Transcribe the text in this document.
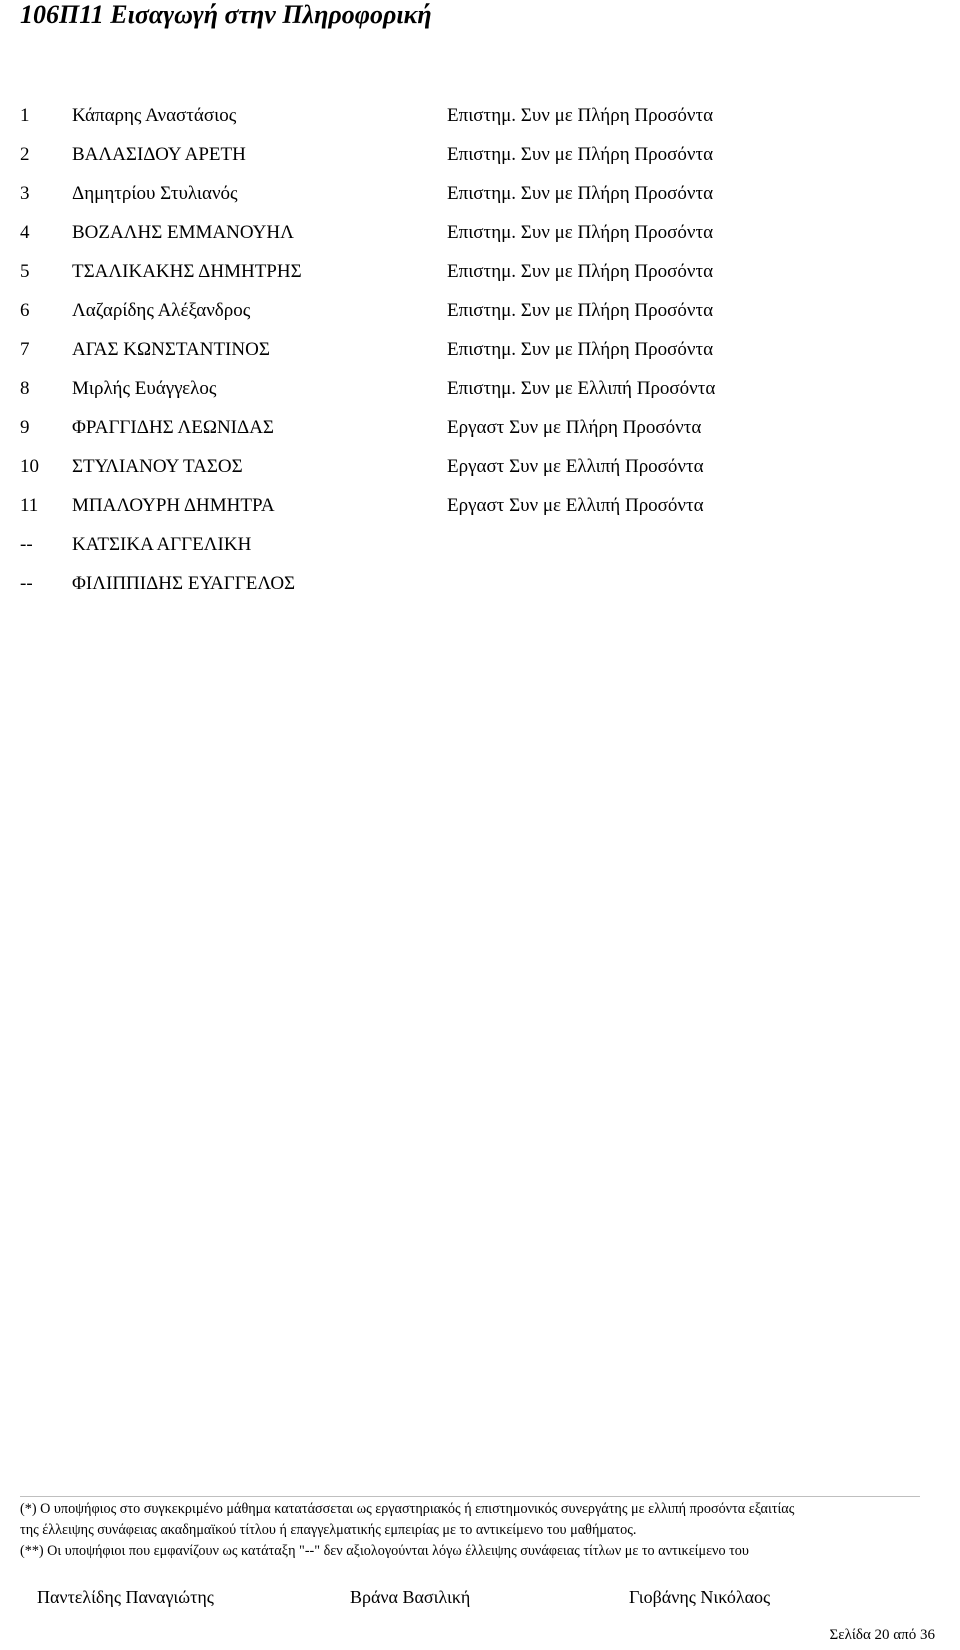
106Π11 Εισαγωγή στην Πληροφορική
1 Κάπαρης Αναστάσιος	Επιστημ. Συν με Πλήρη Προσόντα
2 ΒΑΛΑΣΙΔΟΥ ΑΡΕΤΗ	Επιστημ. Συν με Πλήρη Προσόντα
3 Δημητρίου Στυλιανός	Επιστημ. Συν με Πλήρη Προσόντα
4 ΒΟΖΑΛΗΣ ΕΜΜΑΝΟΥΗΛ	Επιστημ. Συν με Πλήρη Προσόντα
5 ΤΣΑΛΙΚΑΚΗΣ ΔΗΜΗΤΡΗΣ	Επιστημ. Συν με Πλήρη Προσόντα
6 Λαζαρίδης Αλέξανδρος	Επιστημ. Συν με Πλήρη Προσόντα
7 ΑΓΑΣ ΚΩΝΣΤΑΝΤΙΝΟΣ	Επιστημ. Συν με Πλήρη Προσόντα
8 Μιρλής Ευάγγελος	Επιστημ. Συν με Ελλιπή Προσόντα
9 ΦΡΑΓΓΙΔΗΣ ΛΕΩΝΙΔΑΣ	Εργαστ Συν με Πλήρη Προσόντα
10 ΣΤΥΛΙΑΝΟΥ ΤΑΣΟΣ	Εργαστ Συν με Ελλιπή Προσόντα
11 ΜΠΑΛΟΥΡΗ ΔΗΜΗΤΡΑ	Εργαστ Συν με Ελλιπή Προσόντα
-- ΚΑΤΣΙΚΑ ΑΓΓΕΛΙΚΗ
-- ΦΙΛΙΠΠΙΔΗΣ ΕΥΑΓΓΕΛΟΣ

(*) Ο υποψήφιος στο συγκεκριμένο μάθημα κατατάσσεται ως εργαστηριακός ή επιστημονικός συνεργάτης με ελλιπή προσόντα εξαιτίας

της έλλειψης συνάφειας ακαδημαϊκού τίτλου ή επαγγελματικής εμπειρίας με το αντικείμενο του μαθήματος.

(**) Οι υποψήφιοι που εμφανίζουν ως κατάταξη "--" δεν αξιολογούνται λόγω έλλειψης συνάφειας τίτλων με το αντικείμενο του

Παντελίδης Παναγιώτης	Βράνα Βασιλική	Γιοβάνης Νικόλαος
Σελίδα 20 από 36
